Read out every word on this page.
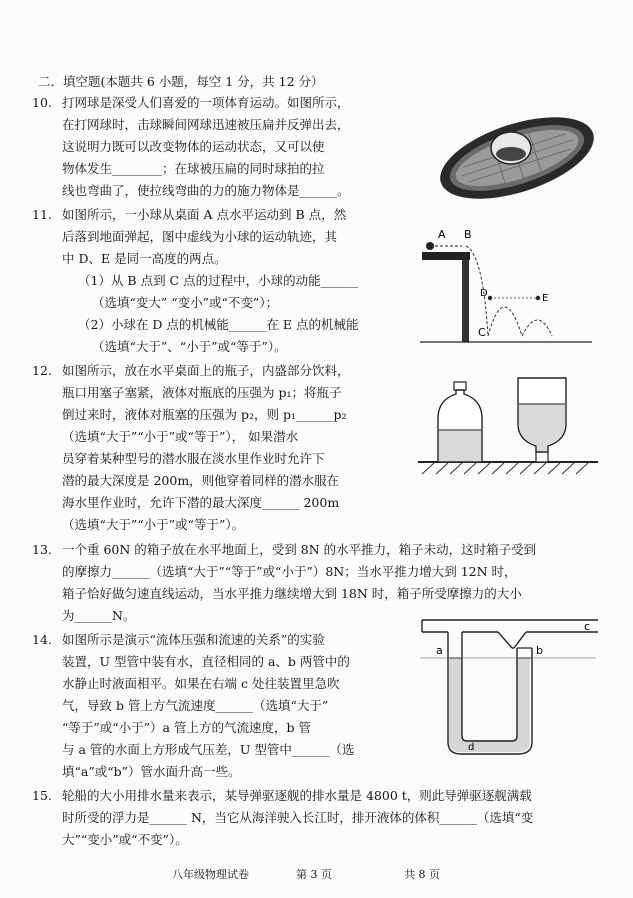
二．填空题(本题共 6 小题，每空 1 分，共 12 分）
10. 打网球是深受人们喜爱的一项体育运动。如图所示，
在打网球时，击球瞬间网球迅速被压扁并反弹出去，
这说明力既可以改变物体的运动状态，又可以使
物体发生________；在球被压扁的同时球拍的拉
线也弯曲了，使拉线弯曲的力的施力物体是______。
11. 如图所示，一小球从桌面 A 点水平运动到 B 点，然
后落到地面弹起，图中虚线为小球的运动轨迹，其
中 D、E 是同一高度的两点。
（1）从 B 点到 C 点的过程中，小球的动能______
（选填“变大” “变小”或“不变”）；
（2）小球在 D 点的机械能______在 E 点的机械能
（选填“大于”、“小于”或“等于”）。
A B
C
D	E
12. 如图所示，放在水平桌面上的瓶子，内盛部分饮料，
瓶口用塞子塞紧，液体对瓶底的压强为 p₁；将瓶子
倒过来时，液体对瓶塞的压强为 p₂，则 p₁______p₂
（选填“大于”“小于”或“等于”）， 如果潜水
员穿着某种型号的潜水服在淡水里作业时允许下
潜的最大深度是 200m，则他穿着同样的潜水服在
海水里作业时，允许下潜的最大深度______ 200m
（选填“大于”“小于”或“等于”）。
13. 一个重 60N 的箱子放在水平地面上，受到 8N 的水平推力，箱子未动，这时箱子受到
的摩擦力______（选填“大于”“等于”或“小于”）8N；当水平推力增大到 12N 时，
箱子恰好做匀速直线运动，当水平推力继续增大到 18N 时，箱子所受摩擦力的大小
为______N。
14. 如图所示是演示“流体压强和流速的关系”的实验
装置，U 型管中装有水，直径相同的 a、b 两管中的
水静止时液面相平。如果在右端 c 处往装置里急吹
气，导致 b 管上方气流速度______（选填“大于”
“等于”或“小于”）a 管上方的气流速度，b 管
与 a 管的水面上方形成气压差，U 型管中______（选
填“a”或“b”）管水面升高一些。
a	b
c
d
15. 轮船的大小用排水量来表示，某导弹驱逐舰的排水量是 4800 t，则此导弹驱逐舰满载
时所受的浮力是______ N，当它从海洋驶入长江时，排开液体的体积______（选填“变
大”“变小”或“不变”）。
八年级物理试卷	第 3 页	共 8 页
